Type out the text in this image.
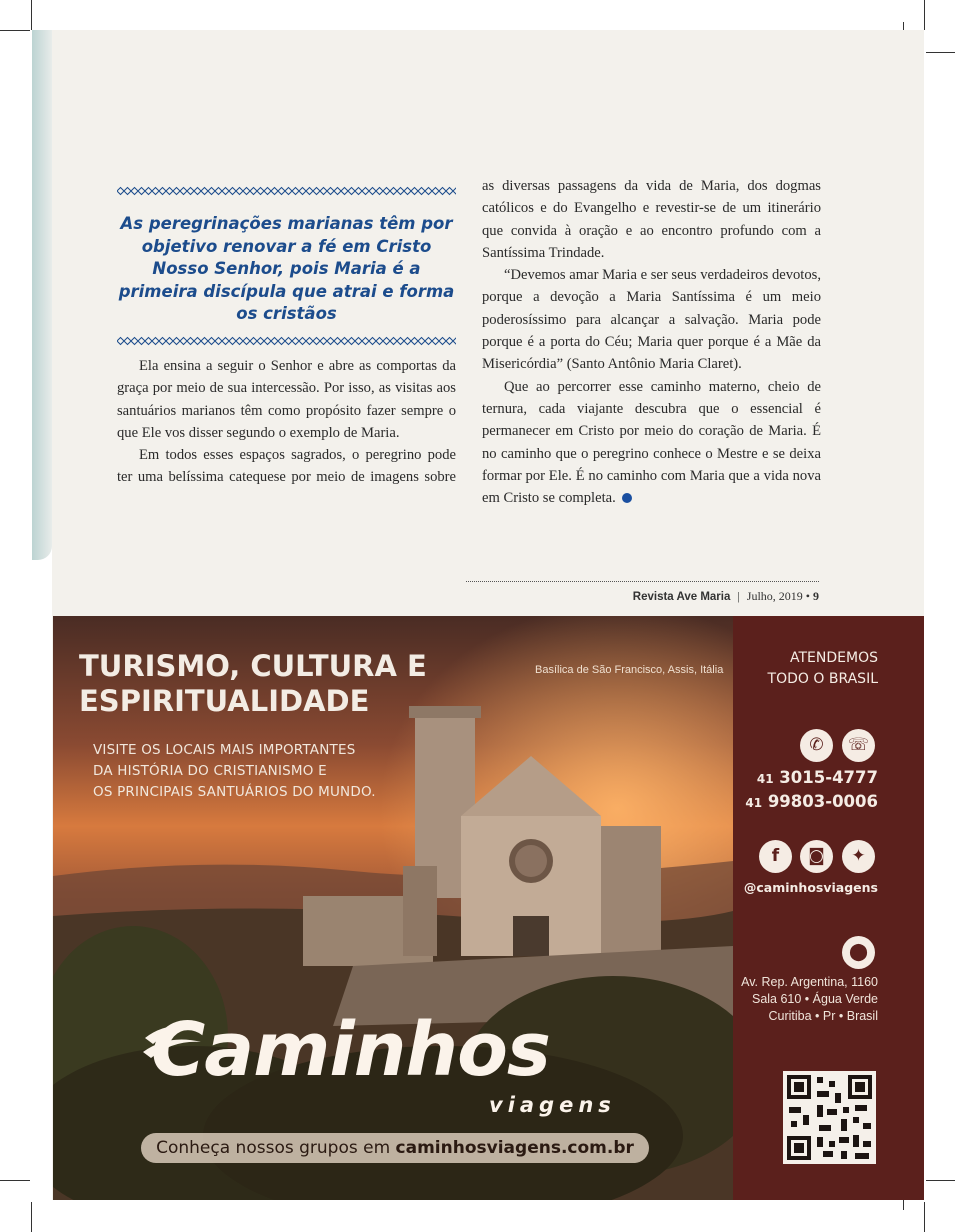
As peregrinações marianas têm por objetivo renovar a fé em Cristo Nosso Senhor, pois Maria é a primeira discípula que atrai e forma os cristãos

Ela ensina a seguir o Senhor e abre as comportas da graça por meio de sua intercessão. Por isso, as visitas aos santuários marianos têm como propósito fazer sempre o que Ele vos disser segundo o exemplo de Maria.

Em todos esses espaços sagrados, o peregrino pode ter uma belíssima catequese por meio de imagens sobre

as diversas passagens da vida de Maria, dos dogmas católicos e do Evangelho e revestir-se de um itinerário que convida à oração e ao encontro profundo com a Santíssima Trindade.

“Devemos amar Maria e ser seus verdadeiros devotos, porque a devoção a Maria Santíssima é um meio poderosíssimo para alcançar a salvação. Maria pode porque é a porta do Céu; Maria quer porque é a Mãe da Misericórdia” (Santo Antônio Maria Claret).

Que ao percorrer esse caminho materno, cheio de ternura, cada viajante descubra que o essencial é permanecer em Cristo por meio do coração de Maria. É no caminho que o peregrino conhece o Mestre e se deixa formar por Ele. É no caminho com Maria que a vida nova em Cristo se completa.

Revista Ave Maria | Julho, 2019 • 9
TURISMO, CULTURA E
ESPIRITUALIDADE
VISITE OS LOCAIS MAIS IMPORTANTES
DA HISTÓRIA DO CRISTIANISMO E
OS PRINCIPAIS SANTUÁRIOS DO MUNDO.
Basílica de São Francisco, Assis, Itália
Caminhos
viagens
Conheça nossos grupos em caminhosviagens.com.br
ATENDEMOS
TODO O BRASIL
✆	☏
41 3015-4777
41 99803-0006
f	◙	✦
@caminhosviagens
⬤
Av. Rep. Argentina, 1160
Sala 610 • Água Verde
Curitiba • Pr • Brasil
